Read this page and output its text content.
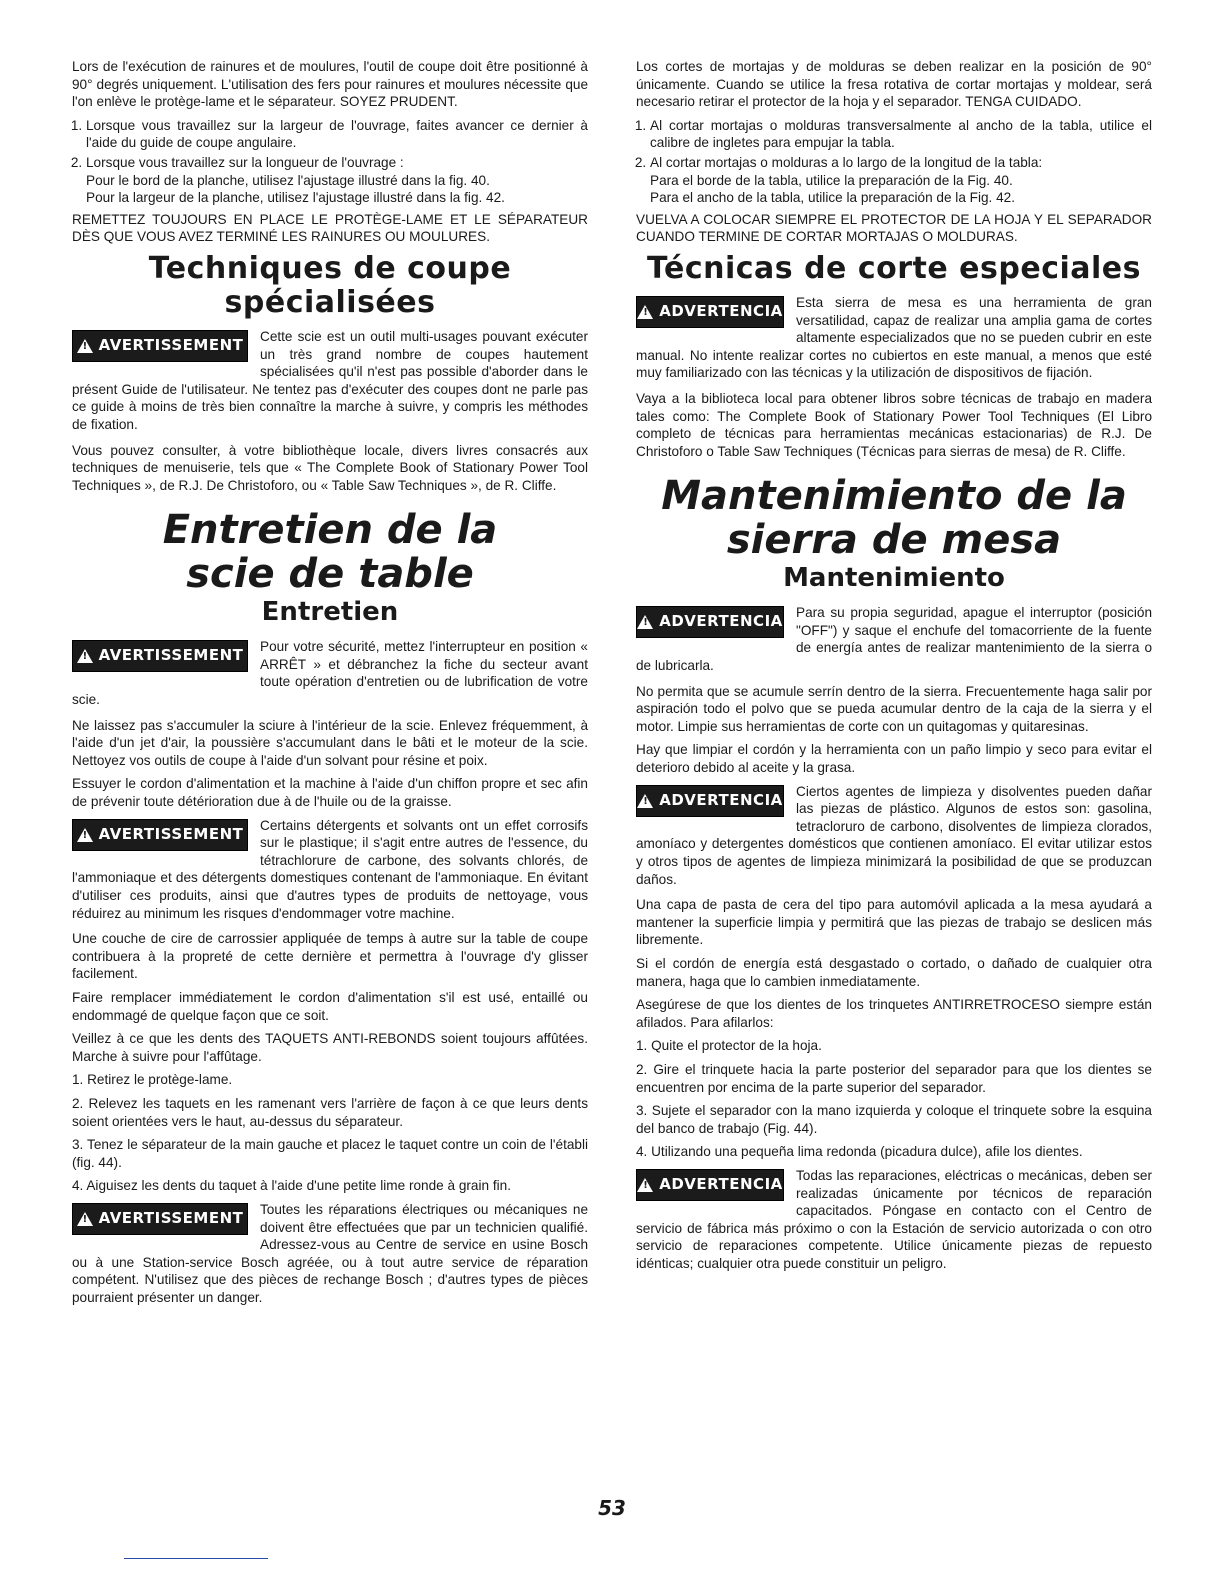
Lors de l'exécution de rainures et de moulures, l'outil de coupe doit être positionné à 90° degrés uniquement. L'utilisation des fers pour rainures et moulures nécessite que l'on enlève le protège-lame et le séparateur. SOYEZ PRUDENT.

1. Lorsque vous travaillez sur la largeur de l'ouvrage, faites avancer ce dernier à l'aide du guide de coupe angulaire.
2. Lorsque vous travaillez sur la longueur de l'ouvrage :
Pour le bord de la planche, utilisez l'ajustage illustré dans la fig. 40.
Pour la largeur de la planche, utilisez l'ajustage illustré dans la fig. 42.

REMETTEZ TOUJOURS EN PLACE LE PROTÈGE-LAME ET LE SÉPARATEUR DÈS QUE VOUS AVEZ TERMINÉ LES RAINURES OU MOULURES.

Techniques de coupe spécialisées
!
AVERTISSEMENT Cette scie est un outil multi-usages pouvant exécuter un très grand nombre de coupes hautement spécialisées qu'il n'est pas possible d'aborder dans le présent Guide de l'utilisateur. Ne tentez pas d'exécuter des coupes dont ne parle pas ce guide à moins de très bien connaître la marche à suivre, y compris les méthodes de fixation.

Vous pouvez consulter, à votre bibliothèque locale, divers livres consacrés aux techniques de menuiserie, tels que « The Complete Book of Stationary Power Tool Techniques », de R.J. De Christoforo, ou « Table Saw Techniques », de R. Cliffe.

Entretien de la
scie de table
Entretien
!
AVERTISSEMENT Pour votre sécurité, mettez l'interrupteur en position « ARRÊT » et débranchez la fiche du secteur avant toute opération d'entretien ou de lubrification de votre scie.

Ne laissez pas s'accumuler la sciure à l'intérieur de la scie. Enlevez fréquemment, à l'aide d'un jet d'air, la poussière s'accumulant dans le bâti et le moteur de la scie. Nettoyez vos outils de coupe à l'aide d'un solvant pour résine et poix.

Essuyer le cordon d'alimentation et la machine à l'aide d'un chiffon propre et sec afin de prévenir toute détérioration due à de l'huile ou de la graisse.

!
AVERTISSEMENT Certains détergents et solvants ont un effet corrosifs sur le plastique; il s'agit entre autres de l'essence, du tétrachlorure de carbone, des solvants chlorés, de l'ammoniaque et des détergents domestiques contenant de l'ammoniaque. En évitant d'utiliser ces produits, ainsi que d'autres types de produits de nettoyage, vous réduirez au minimum les risques d'endommager votre machine.

Une couche de cire de carrossier appliquée de temps à autre sur la table de coupe contribuera à la propreté de cette dernière et permettra à l'ouvrage d'y glisser facilement.

Faire remplacer immédiatement le cordon d'alimentation s'il est usé, entaillé ou endommagé de quelque façon que ce soit.

Veillez à ce que les dents des TAQUETS ANTI-REBONDS soient toujours affûtées. Marche à suivre pour l'affûtage.

1. Retirez le protège-lame.

2. Relevez les taquets en les ramenant vers l'arrière de façon à ce que leurs dents soient orientées vers le haut, au-dessus du séparateur.

3. Tenez le séparateur de la main gauche et placez le taquet contre un coin de l'établi (fig. 44).

4. Aiguisez les dents du taquet à l'aide d'une petite lime ronde à grain fin.

!
AVERTISSEMENT Toutes les réparations électriques ou mécaniques ne doivent être effectuées que par un technicien qualifié. Adressez-vous au Centre de service en usine Bosch ou à une Station-service Bosch agréée, ou à tout autre service de réparation compétent. N'utilisez que des pièces de rechange Bosch ; d'autres types de pièces pourraient présenter un danger.

Los cortes de mortajas y de molduras se deben realizar en la posición de 90° únicamente. Cuando se utilice la fresa rotativa de cortar mortajas y moldear, será necesario retirar el protector de la hoja y el separador. TENGA CUIDADO.

1. Al cortar mortajas o molduras transversalmente al ancho de la tabla, utilice el calibre de ingletes para empujar la tabla.
2. Al cortar mortajas o molduras a lo largo de la longitud de la tabla:
Para el borde de la tabla, utilice la preparación de la Fig. 40.
Para el ancho de la tabla, utilice la preparación de la Fig. 42.

VUELVA A COLOCAR SIEMPRE EL PROTECTOR DE LA HOJA Y EL SEPARADOR CUANDO TERMINE DE CORTAR MORTAJAS O MOLDURAS.

Técnicas de corte especiales
!
ADVERTENCIA Esta sierra de mesa es una herramienta de gran versatilidad, capaz de realizar una amplia gama de cortes altamente especializados que no se pueden cubrir en este manual. No intente realizar cortes no cubiertos en este manual, a menos que esté muy familiarizado con las técnicas y la utilización de dispositivos de fijación.

Vaya a la biblioteca local para obtener libros sobre técnicas de trabajo en madera tales como: The Complete Book of Stationary Power Tool Techniques (El Libro completo de técnicas para herramientas mecánicas estacionarias) de R.J. De Christoforo o Table Saw Techniques (Técnicas para sierras de mesa) de R. Cliffe.

Mantenimiento de la
sierra de mesa
Mantenimiento
!
ADVERTENCIA Para su propia seguridad, apague el interruptor (posición "OFF") y saque el enchufe del tomacorriente de la fuente de energía antes de realizar mantenimiento de la sierra o de lubricarla.

No permita que se acumule serrín dentro de la sierra. Frecuentemente haga salir por aspiración todo el polvo que se pueda acumular dentro de la caja de la sierra y el motor. Limpie sus herramientas de corte con un quitagomas y quitaresinas.

Hay que limpiar el cordón y la herramienta con un paño limpio y seco para evitar el deterioro debido al aceite y la grasa.

!
ADVERTENCIA Ciertos agentes de limpieza y disolventes pueden dañar las piezas de plástico. Algunos de estos son: gasolina, tetracloruro de carbono, disolventes de limpieza clorados, amoníaco y detergentes domésticos que contienen amoníaco. El evitar utilizar estos y otros tipos de agentes de limpieza minimizará la posibilidad de que se produzcan daños.

Una capa de pasta de cera del tipo para automóvil aplicada a la mesa ayudará a mantener la superficie limpia y permitirá que las piezas de trabajo se deslicen más libremente.

Si el cordón de energía está desgastado o cortado, o dañado de cualquier otra manera, haga que lo cambien inmediatamente.

Asegúrese de que los dientes de los trinquetes ANTIRRETROCESO siempre están afilados. Para afilarlos:

1. Quite el protector de la hoja.

2. Gire el trinquete hacia la parte posterior del separador para que los dientes se encuentren por encima de la parte superior del separador.

3. Sujete el separador con la mano izquierda y coloque el trinquete sobre la esquina del banco de trabajo (Fig. 44).

4. Utilizando una pequeña lima redonda (picadura dulce), afile los dientes.

!
ADVERTENCIA Todas las reparaciones, eléctricas o mecánicas, deben ser realizadas únicamente por técnicos de reparación capacitados. Póngase en contacto con el Centro de servicio de fábrica más próximo o con la Estación de servicio autorizada o con otro servicio de reparaciones competente. Utilice únicamente piezas de repuesto idénticas; cualquier otra puede constituir un peligro.
53
